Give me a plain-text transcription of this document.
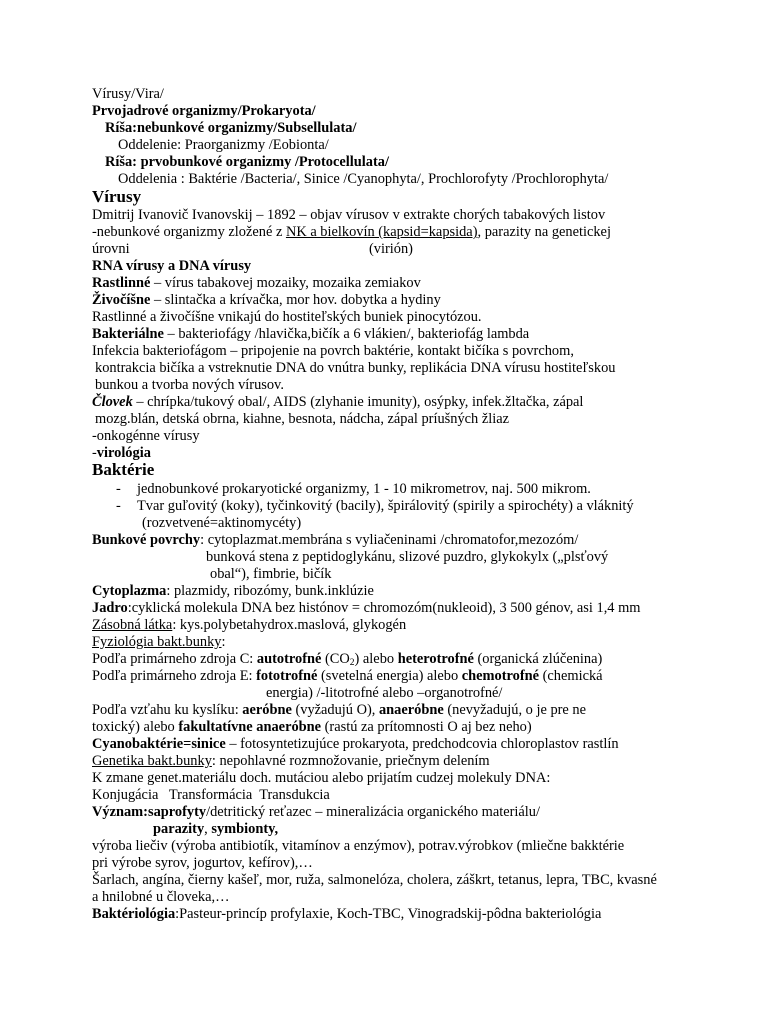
Vírusy/Vira/
Prvojadrové organizmy/Prokaryota/
Ríša:nebunkové organizmy/Subsellulata/
Oddelenie: Praorganizmy /Eobionta/
Ríša: prvobunkové organizmy /Protocellulata/
Oddelenia : Baktérie /Bacteria/, Sinice /Cyanophyta/, Prochlorofyty /Prochlorophyta/
Vírusy
Dmitrij Ivanovič Ivanovskij – 1892 – objav vírusov v extrakte chorých tabakových listov
-nebunkové organizmy zložené z NK a bielkovín (kapsid=kapsida), parazity na genetickej
úrovni	(virión)
RNA vírusy a DNA vírusy
Rastlinné – vírus tabakovej mozaiky, mozaika zemiakov
Živočíšne – slintačka a krívačka, mor hov. dobytka a hydiny
Rastlinné a živočíšne vnikajú do hostiteľských buniek pinocytózou.
Bakteriálne – bakteriofágy /hlavička,bičík a 6 vlákien/, bakteriofág lambda
Infekcia bakteriofágom – pripojenie na povrch baktérie, kontakt bičíka s povrchom,
kontrakcia bičíka a vstreknutie DNA do vnútra bunky, replikácia DNA vírusu hostiteľskou
bunkou a tvorba nových vírusov.
Človek – chrípka/tukový obal/, AIDS (zlyhanie imunity), osýpky, infek.žltačka, zápal
mozg.blán, detská obrna, kiahne, besnota, nádcha, zápal príušných žliaz
-onkogénne vírusy
-virológia
Baktérie
- jednobunkové prokaryotické organizmy, 1 - 10 mikrometrov, naj. 500 mikrom.
- Tvar guľovitý (koky), tyčinkovitý (bacily), špirálovitý (spirily a spirochéty) a vláknitý
(rozvetvené=aktinomycéty)
Bunkové povrchy: cytoplazmat.membrána s vyliačeninami /chromatofor,mezozóm/
bunková stena z peptidoglykánu, slizové puzdro, glykokylx („plsťový
obal“), fimbrie, bičík
Cytoplazma: plazmidy, ribozómy, bunk.inklúzie
Jadro:cyklická molekula DNA bez histónov = chromozóm(nukleoid), 3 500 génov, asi 1,4 mm
Zásobná látka: kys.polybetahydrox.maslová, glykogén
Fyziológia bakt.bunky:
Podľa primárneho zdroja C: autotrofné $(CO_2)$ alebo heterotrofné (organická zlúčenina)
Podľa primárneho zdroja E: fototrofné (svetelná energia) alebo chemotrofné (chemická
energia) /-litotrofné alebo –organotrofné/
Podľa vzťahu ku kyslíku: aeróbne (vyžadujú O), anaeróbne (nevyžadujú, o je pre ne
toxický) alebo fakultatívne anaeróbne (rastú za prítomnosti O aj bez neho)
Cyanobaktérie=sinice – fotosyntetizujúce prokaryota, predchodcovia chloroplastov rastlín
Genetika bakt.bunky: nepohlavné rozmnožovanie, priečnym delením
K zmane genet.materiálu doch. mutáciou alebo prijatím cudzej molekuly DNA:
Konjugácia   Transformácia  Transdukcia
Význam:saprofyty/detritický reťazec – mineralizácia organického materiálu/
parazity, symbionty,
výroba liečiv (výroba antibiotík, vitamínov a enzýmov), potrav.výrobkov (mliečne bakktérie
pri výrobe syrov, jogurtov, kefírov),…
Šarlach, angína, čierny kašeľ, mor, ruža, salmonelóza, cholera, záškrt, tetanus, lepra, TBC, kvasné
a hnilobné u človeka,…
Baktériológia:Pasteur-princíp profylaxie, Koch-TBC, Vinogradskij-pôdna bakteriológia
